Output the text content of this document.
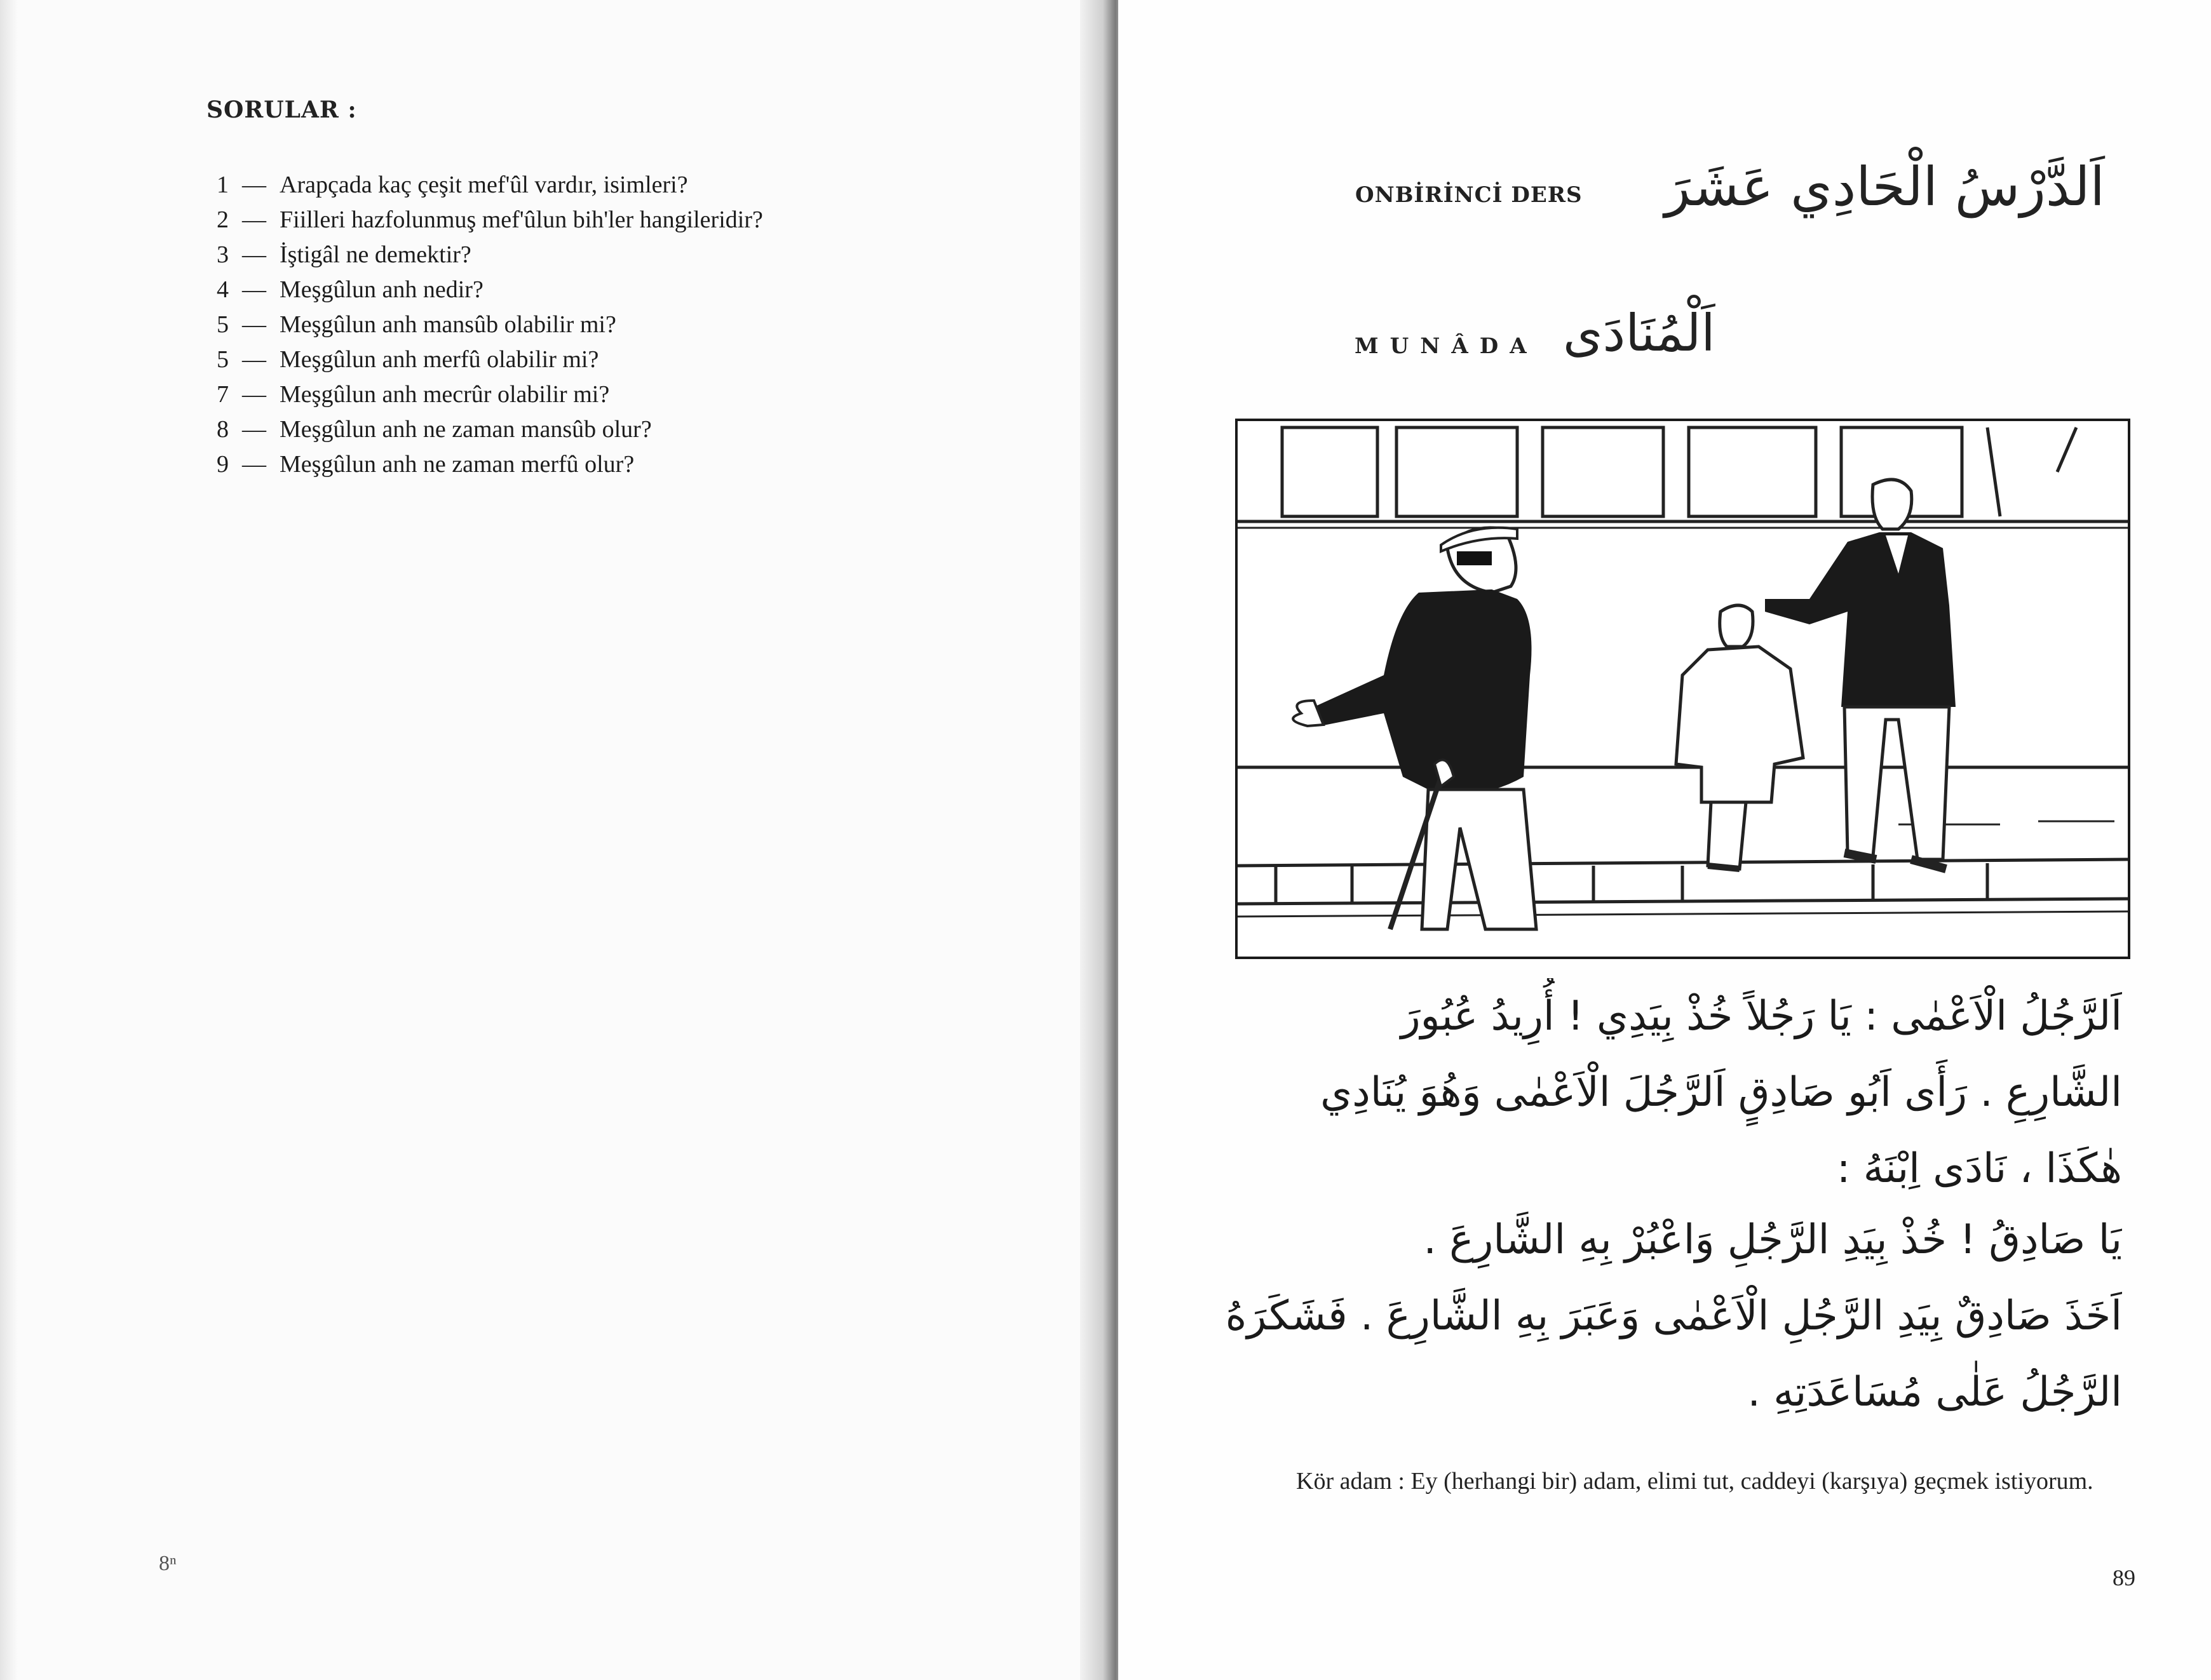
SORULAR :
1 — Arapçada kaç çeşit mef'ûl vardır, isimleri?
2 — Fiilleri hazfolunmuş mef'ûlun bih'ler hangileridir?
3 — İştigâl ne demektir?
4 — Meşgûlun anh nedir?
5 — Meşgûlun anh mansûb olabilir mi?
5 — Meşgûlun anh merfû olabilir mi?
7 — Meşgûlun anh mecrûr olabilir mi?
8 — Meşgûlun anh ne zaman mansûb olur?
9 — Meşgûlun anh ne zaman merfû olur?
8ⁿ
ONBİRİNCİ DERS اَلدَّرْسُ الْحَادِي عَشَرَ
MUNÂDA اَلْمُنَادَى

اَلرَّجُلُ الْاَعْمٰى : يَا رَجُلاً خُذْ بِيَدِي ! أُرِيدُ عُبُورَ

الشَّارِعِ . رَأَى اَبُو صَادِقٍ اَلرَّجُلَ الْاَعْمٰى وَهُوَ يُنَادِي

هٰكَذَا ، نَادَى اِبْنَهُ :

يَا صَادِقُ ! خُذْ بِيَدِ الرَّجُلِ وَاعْبُرْ بِهِ الشَّارِعَ .

اَخَذَ صَادِقٌ بِيَدِ الرَّجُلِ الْاَعْمٰى وَعَبَرَ بِهِ الشَّارِعَ . فَشَكَرَهُ

الرَّجُلُ عَلٰى مُسَاعَدَتِهِ .

Kör adam : Ey (herhangi bir) adam, elimi tut, caddeyi (karşıya) geçmek istiyorum.
89
